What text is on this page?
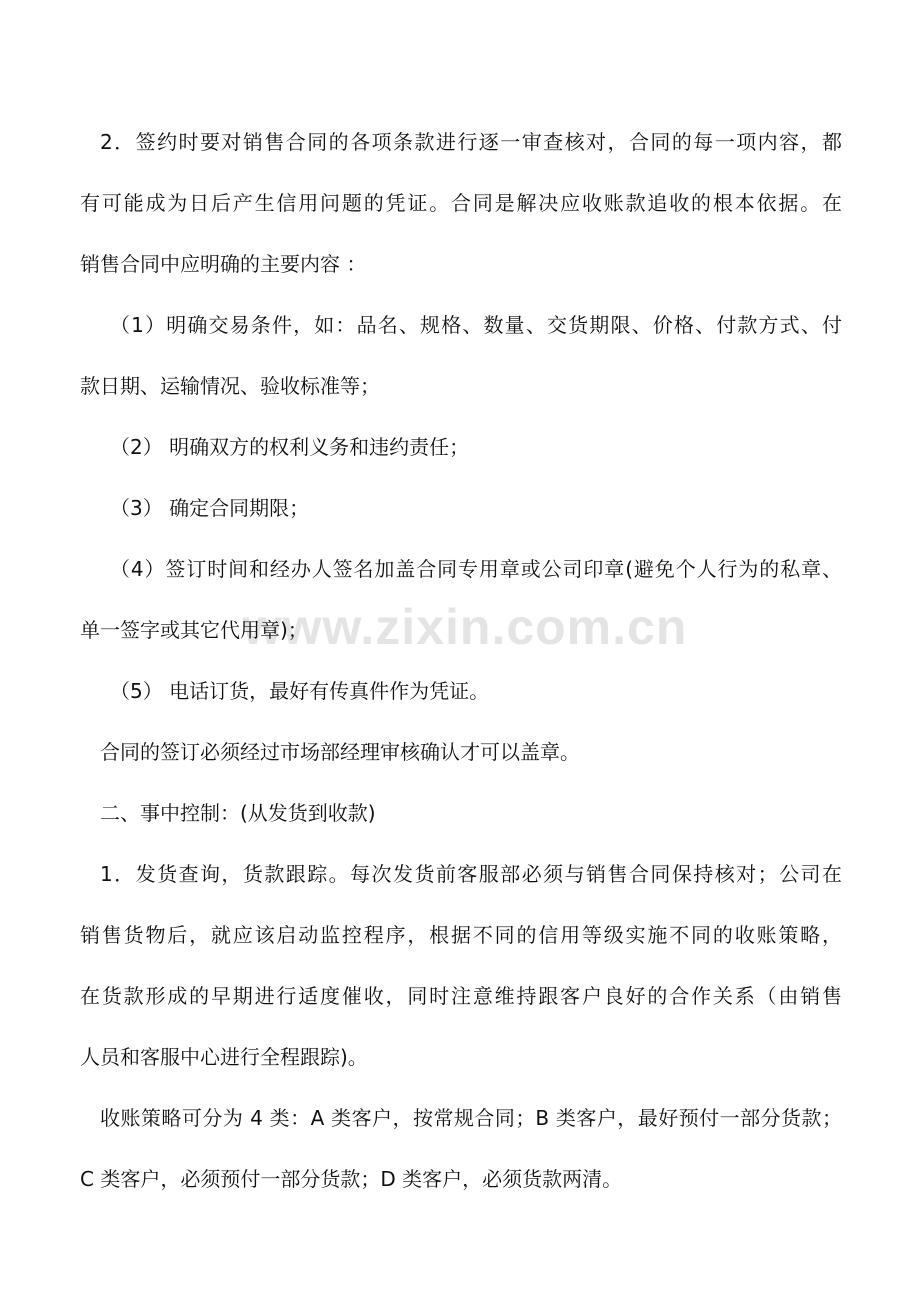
www.zixin.com.cn
2．签约时要对销售合同的各项条款进行逐一审查核对，合同的每一项内容，都
有可能成为日后产生信用问题的凭证。合同是解决应收账款追收的根本依据。在
销售合同中应明确的主要内容 ：
（1）明确交易条件，如：品名、规格、数量、交货期限、价格、付款方式、付
款日期、运输情况、验收标准等；
（2） 明确双方的权利义务和违约责任；
（3） 确定合同期限；
（4）签订时间和经办人签名加盖合同专用章或公司印章(避免个人行为的私章、
单一签字或其它代用章)；
（5） 电话订货，最好有传真件作为凭证。
合同的签订必须经过市场部经理审核确认才可以盖章。
二、事中控制：(从发货到收款)
1．发货查询，货款跟踪。每次发货前客服部必须与销售合同保持核对；公司在
销售货物后，就应该启动监控程序，根据不同的信用等级实施不同的收账策略，
在货款形成的早期进行适度催收，同时注意维持跟客户良好的合作关系（由销售
人员和客服中心进行全程跟踪)。
收账策略可分为 4 类：A 类客户，按常规合同；B 类客户，最好预付一部分货款；
C 类客户，必须预付一部分货款；D 类客户，必须货款两清。
